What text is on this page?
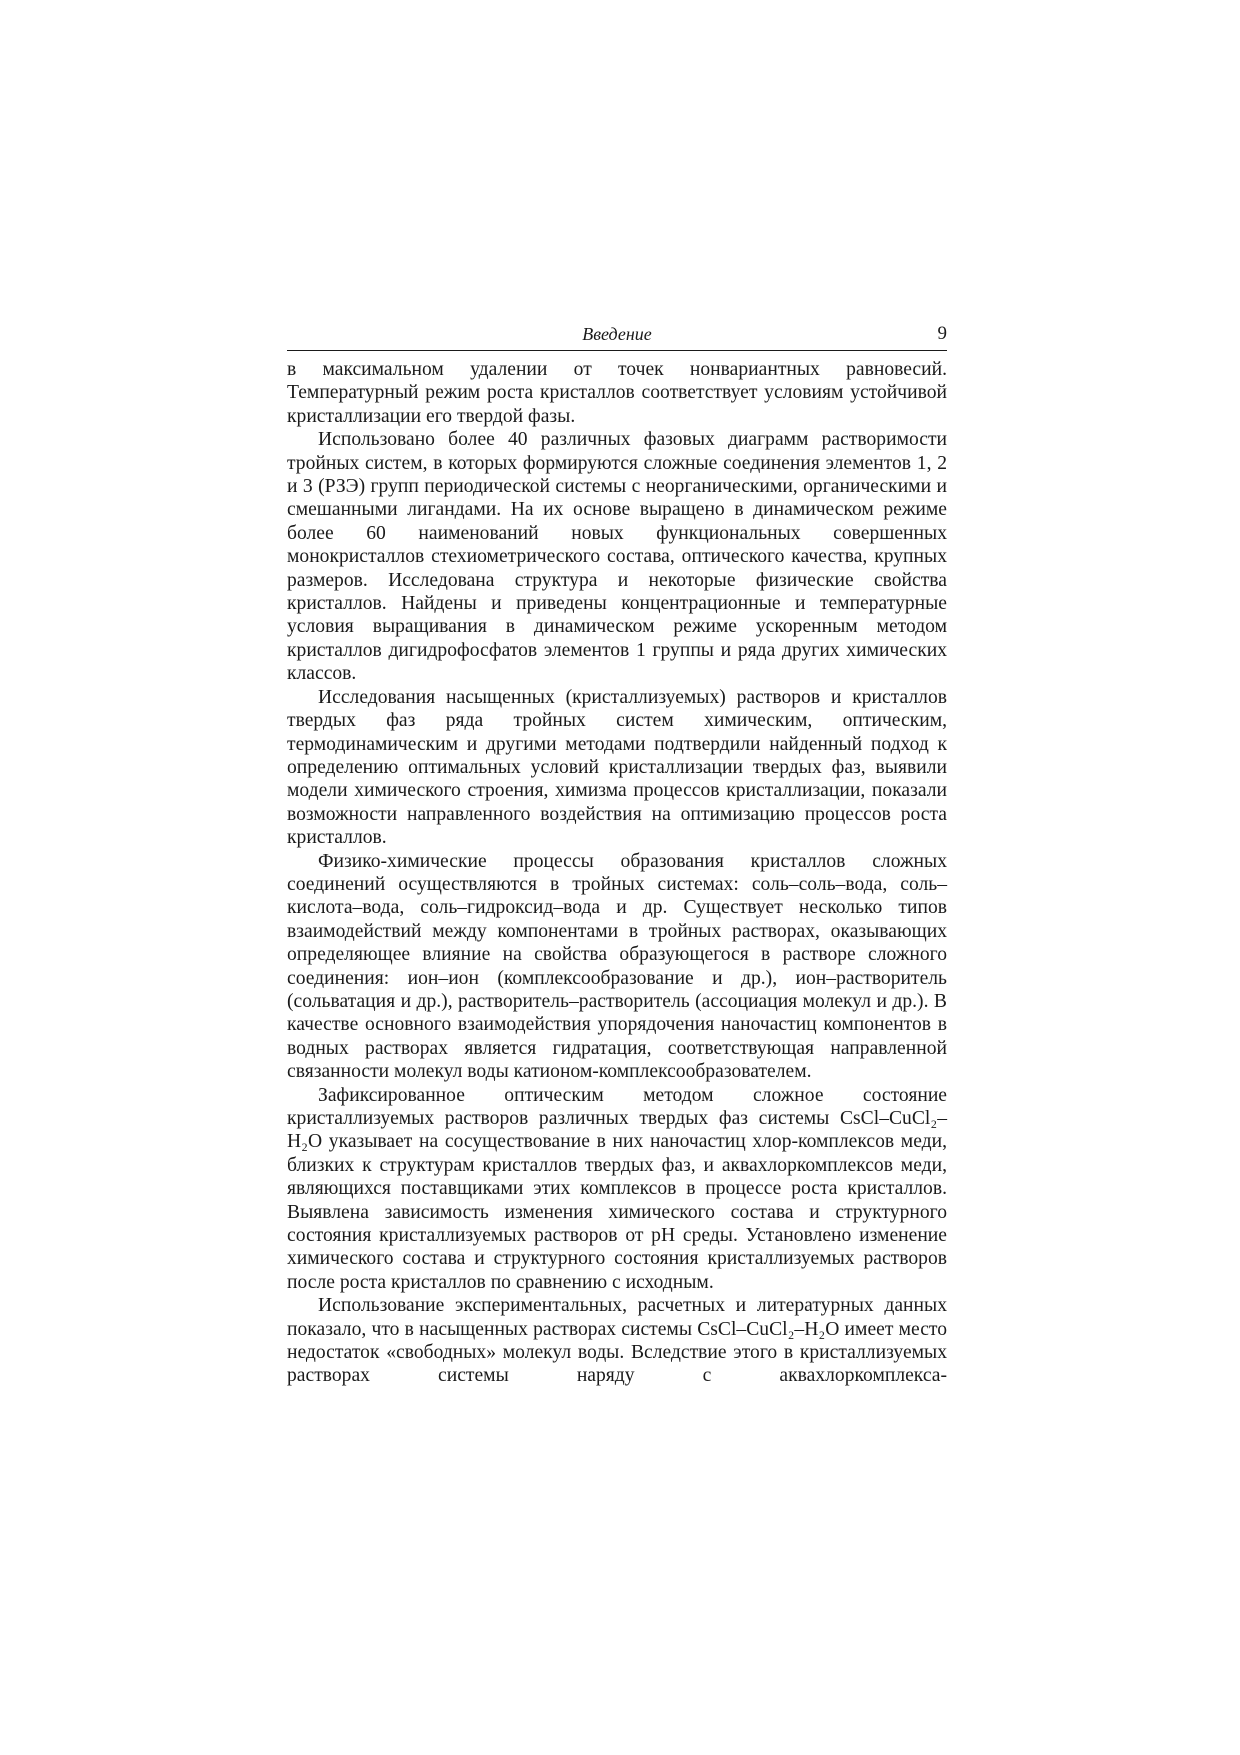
Введение	9

в максимальном удалении от точек нонвариантных равновесий. Температурный режим роста кристаллов соответствует условиям устойчивой кристаллизации его твердой фазы.

Использовано более 40 различных фазовых диаграмм растворимости тройных систем, в которых формируются сложные соединения элементов 1, 2 и 3 (РЗЭ) групп периодической системы с неорганическими, органическими и смешанными лигандами. На их основе выращено в динамическом режиме более 60 наименований новых функциональных совершенных монокристаллов стехиометрического состава, оптического качества, крупных размеров. Исследована структура и некоторые физические свойства кристаллов. Найдены и приведены концентрационные и температурные условия выращивания в динамическом режиме ускоренным методом кристаллов дигидрофосфатов элементов 1 группы и ряда других химических классов.

Исследования насыщенных (кристаллизуемых) растворов и кристаллов твердых фаз ряда тройных систем химическим, оптическим, термодинамическим и другими методами подтвердили найденный подход к определению оптимальных условий кристаллизации твердых фаз, выявили модели химического строения, химизма процессов кристаллизации, показали возможности направленного воздействия на оптимизацию процессов роста кристаллов.

Физико-химические процессы образования кристаллов сложных соединений осуществляются в тройных системах: соль–соль–вода, соль–кислота–вода, соль–гидроксид–вода и др. Существует несколько типов взаимодействий между компонентами в тройных растворах, оказывающих определяющее влияние на свойства образующегося в растворе сложного соединения: ион–ион (комплексообразование и др.), ион–растворитель (сольватация и др.), растворитель–растворитель (ассоциация молекул и др.). В качестве основного взаимодействия упорядочения наночастиц компонентов в водных растворах является гидратация, соответствующая направленной связанности молекул воды катионом-комплексообразователем.

Зафиксированное оптическим методом сложное состояние кристаллизуемых растворов различных твердых фаз системы CsCl–CuCl₂–H₂O указывает на сосуществование в них наночастиц хлор-комплексов меди, близких к структурам кристаллов твердых фаз, и аквахлоркомплексов меди, являющихся поставщиками этих комплексов в процессе роста кристаллов. Выявлена зависимость изменения химического состава и структурного состояния кристаллизуемых растворов от pH среды. Установлено изменение химического состава и структурного состояния кристаллизуемых растворов после роста кристаллов по сравнению с исходным.

Использование экспериментальных, расчетных и литературных данных показало, что в насыщенных растворах системы CsCl–CuCl₂–H₂O имеет место недостаток «свободных» молекул воды. Вследствие этого в кристаллизуемых растворах системы наряду с аквахлоркомплекса-
